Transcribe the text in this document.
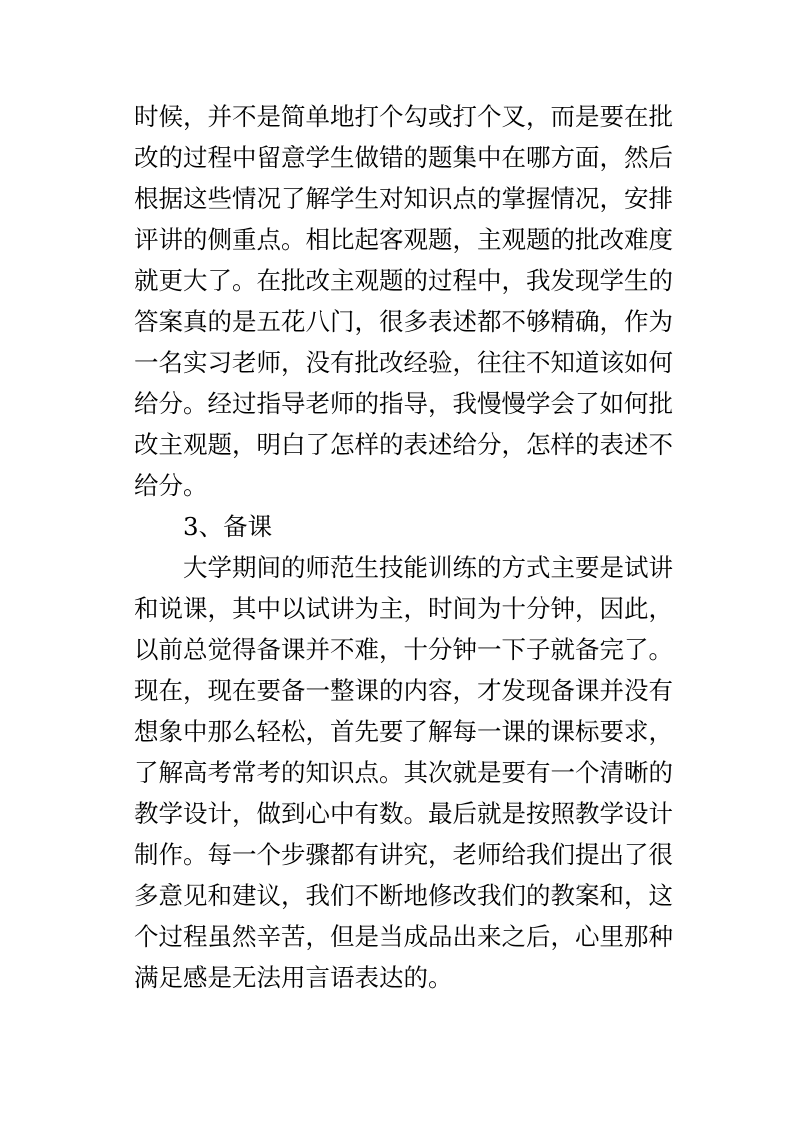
时候，并不是简单地打个勾或打个叉，而是要在批
改的过程中留意学生做错的题集中在哪方面，然后
根据这些情况了解学生对知识点的掌握情况，安排
评讲的侧重点。相比起客观题，主观题的批改难度
就更大了。在批改主观题的过程中，我发现学生的
答案真的是五花八门，很多表述都不够精确，作为
一名实习老师，没有批改经验，往往不知道该如何
给分。经过指导老师的指导，我慢慢学会了如何批
改主观题，明白了怎样的表述给分，怎样的表述不
给分。
3、备课
大学期间的师范生技能训练的方式主要是试讲
和说课，其中以试讲为主，时间为十分钟，因此，
以前总觉得备课并不难，十分钟一下子就备完了。
现在，现在要备一整课的内容，才发现备课并没有
想象中那么轻松，首先要了解每一课的课标要求，
了解高考常考的知识点。其次就是要有一个清晰的
教学设计，做到心中有数。最后就是按照教学设计
制作。每一个步骤都有讲究，老师给我们提出了很
多意见和建议，我们不断地修改我们的教案和，这
个过程虽然辛苦，但是当成品出来之后，心里那种
满足感是无法用言语表达的。
